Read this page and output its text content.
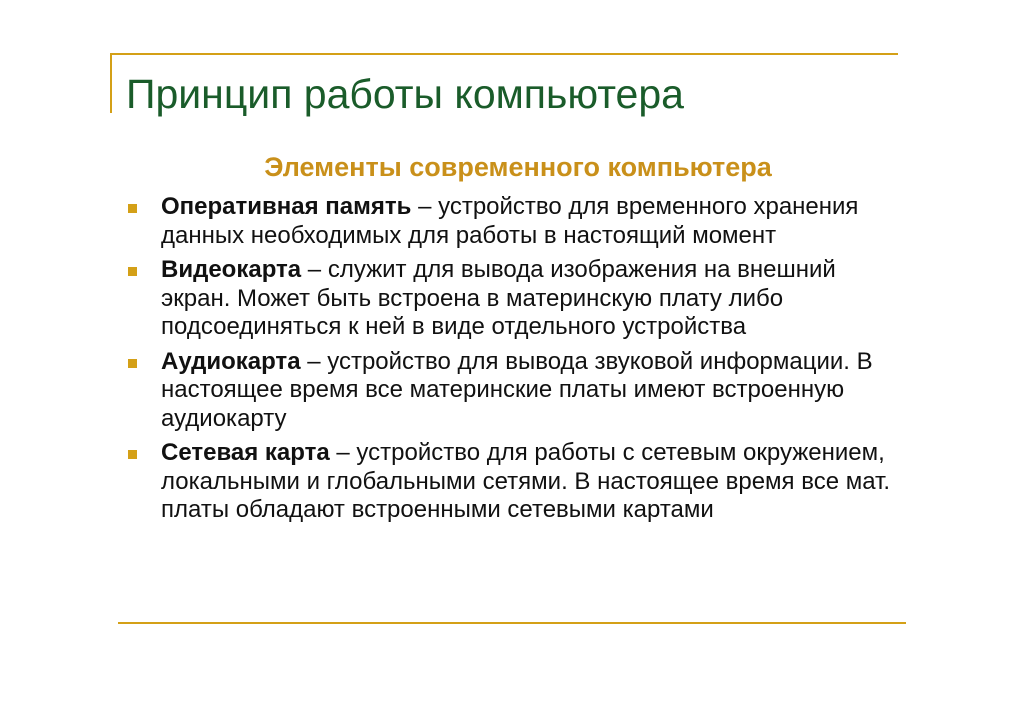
Принцип работы компьютера
Элементы современного компьютера
Оперативная память – устройство для временного хранения данных необходимых для работы в настоящий момент
Видеокарта – служит для вывода изображения на внешний экран. Может быть встроена в материнскую плату либо подсоединяться к ней в виде отдельного устройства
Аудиокарта – устройство для вывода звуковой информации. В настоящее время все материнские платы имеют встроенную аудиокарту
Сетевая карта – устройство для работы с сетевым окружением, локальными и глобальными сетями. В настоящее время все мат. платы обладают встроенными сетевыми картами
